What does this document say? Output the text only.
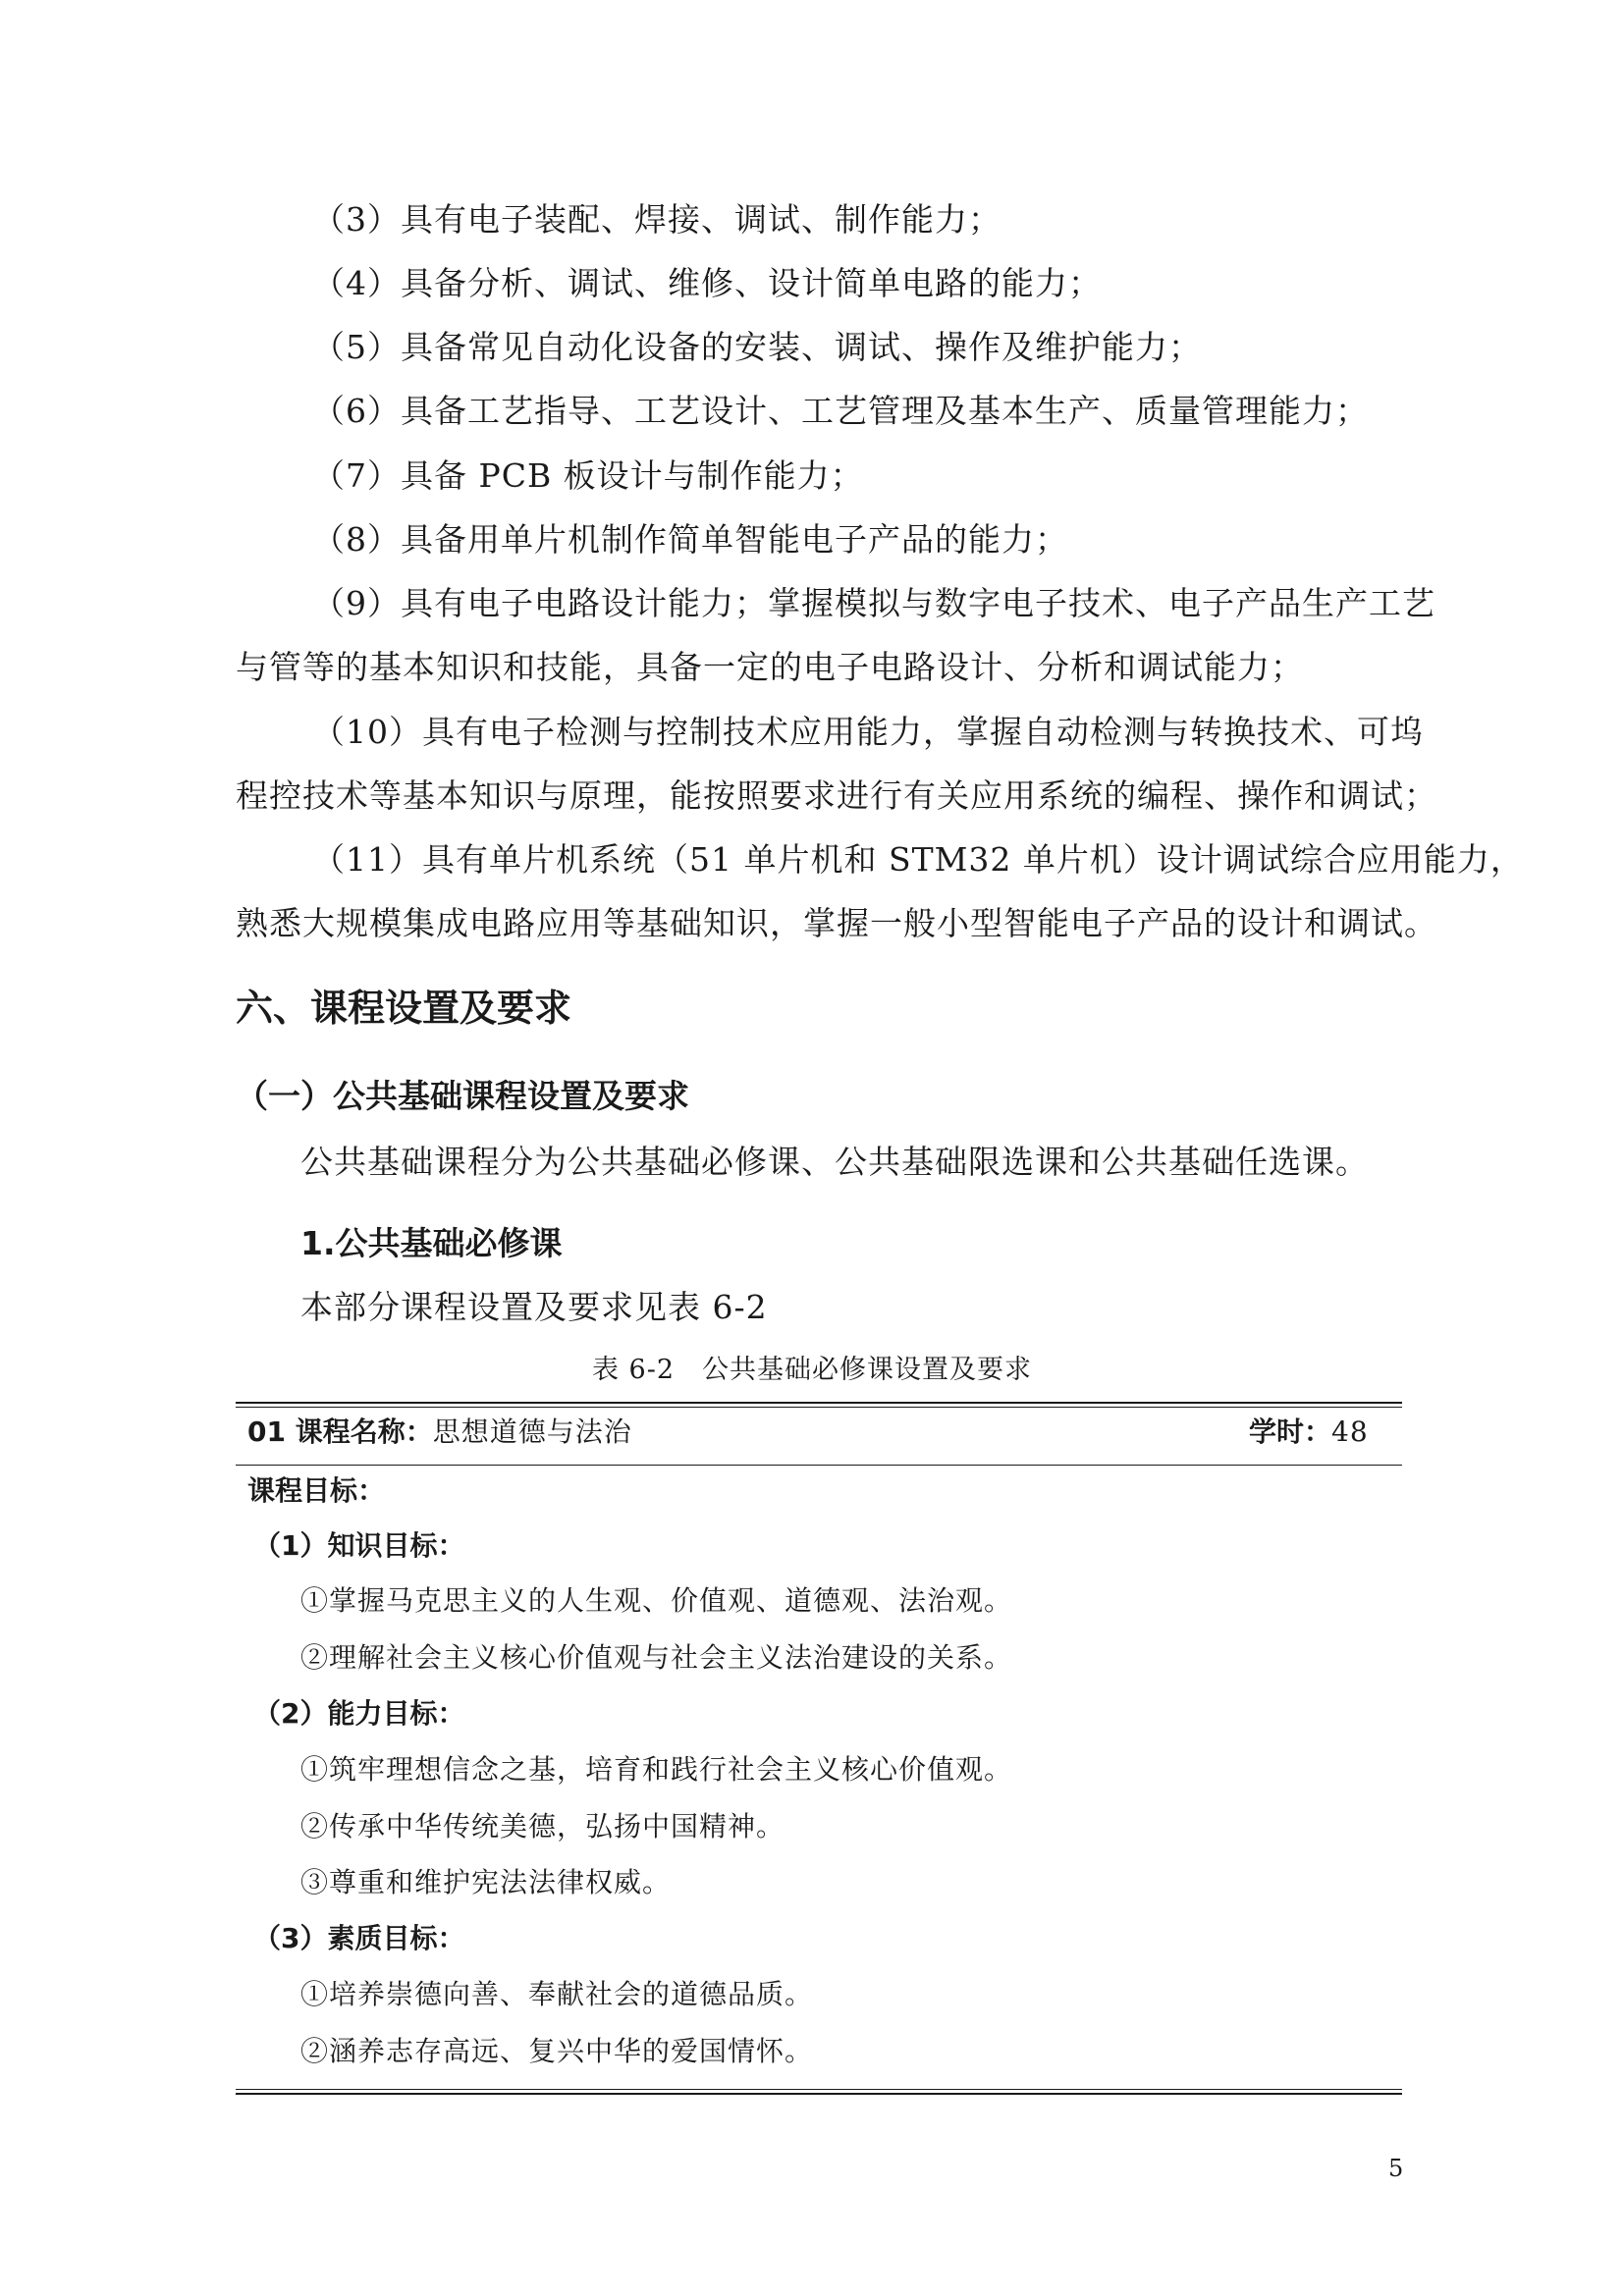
（3）具有电子装配、焊接、调试、制作能力；
（4）具备分析、调试、维修、设计简单电路的能力；
（5）具备常见自动化设备的安装、调试、操作及维护能力；
（6）具备工艺指导、工艺设计、工艺管理及基本生产、质量管理能力；
（7）具备 PCB 板设计与制作能力；
（8）具备用单片机制作简单智能电子产品的能力；
（9）具有电子电路设计能力；掌握模拟与数字电子技术、电子产品生产工艺
与管等的基本知识和技能，具备一定的电子电路设计、分析和调试能力；
（10）具有电子检测与控制技术应用能力，掌握自动检测与转换技术、可坞
程控技术等基本知识与原理，能按照要求进行有关应用系统的编程、操作和调试；
（11）具有单片机系统（51 单片机和 STM32 单片机）设计调试综合应用能力，
熟悉大规模集成电路应用等基础知识，掌握一般小型智能电子产品的设计和调试。
六、课程设置及要求
（一）公共基础课程设置及要求
公共基础课程分为公共基础必修课、公共基础限选课和公共基础任选课。
1.公共基础必修课
本部分课程设置及要求见表 6-2
表 6-2　公共基础必修课设置及要求
01 课程名称：思想道德与法治	学时：48
课程目标：
（1）知识目标：
①掌握马克思主义的人生观、价值观、道德观、法治观。
②理解社会主义核心价值观与社会主义法治建设的关系。
（2）能力目标：
①筑牢理想信念之基，培育和践行社会主义核心价值观。
②传承中华传统美德，弘扬中国精神。
③尊重和维护宪法法律权威。
（3）素质目标：
①培养崇德向善、奉献社会的道德品质。
②涵养志存高远、复兴中华的爱国情怀。
5
